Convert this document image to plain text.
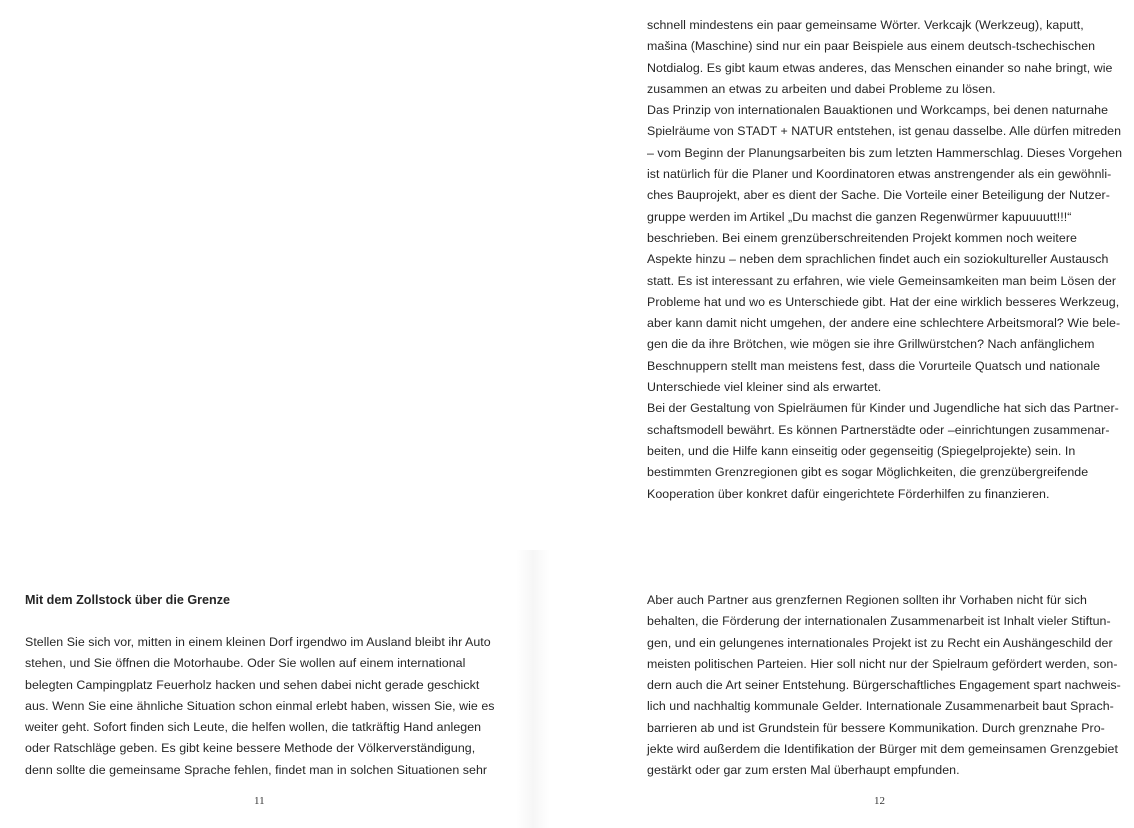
Mit dem Zollstock über die Grenze
Stellen Sie sich vor, mitten in einem kleinen Dorf irgendwo im Ausland bleibt ihr Auto
stehen, und Sie öffnen die Motorhaube. Oder Sie wollen auf einem international
belegten Campingplatz Feuerholz hacken und sehen dabei nicht gerade geschickt
aus. Wenn Sie eine ähnliche Situation schon einmal erlebt haben, wissen Sie, wie es
weiter geht. Sofort finden sich Leute, die helfen wollen, die tatkräftig Hand anlegen
oder Ratschläge geben. Es gibt keine bessere Methode der Völkerverständigung,
denn sollte die gemeinsame Sprache fehlen, findet man in solchen Situationen sehr
11
schnell mindestens ein paar gemeinsame Wörter. Verkcajk (Werkzeug), kaputt,
mašina (Maschine) sind nur ein paar Beispiele aus einem deutsch-tschechischen
Notdialog. Es gibt kaum etwas anderes, das Menschen einander so nahe bringt, wie
zusammen an etwas zu arbeiten und dabei Probleme zu lösen.
Das Prinzip von internationalen Bauaktionen und Workcamps, bei denen naturnahe
Spielräume von STADT + NATUR entstehen, ist genau dasselbe. Alle dürfen mitreden
– vom Beginn der Planungsarbeiten bis zum letzten Hammerschlag. Dieses Vorgehen
ist natürlich für die Planer und Koordinatoren etwas anstrengender als ein gewöhnli-
ches Bauprojekt, aber es dient der Sache. Die Vorteile einer Beteiligung der Nutzer-
gruppe werden im Artikel „Du machst die ganzen Regenwürmer kapuuuutt!!!“
beschrieben. Bei einem grenzüberschreitenden Projekt kommen noch weitere
Aspekte hinzu – neben dem sprachlichen findet auch ein soziokultureller Austausch
statt. Es ist interessant zu erfahren, wie viele Gemeinsamkeiten man beim Lösen der
Probleme hat und wo es Unterschiede gibt. Hat der eine wirklich besseres Werkzeug,
aber kann damit nicht umgehen, der andere eine schlechtere Arbeitsmoral? Wie bele-
gen die da ihre Brötchen, wie mögen sie ihre Grillwürstchen? Nach anfänglichem
Beschnuppern stellt man meistens fest, dass die Vorurteile Quatsch und nationale
Unterschiede viel kleiner sind als erwartet.
Bei der Gestaltung von Spielräumen für Kinder und Jugendliche hat sich das Partner-
schaftsmodell bewährt. Es können Partnerstädte oder –einrichtungen zusammenar-
beiten, und die Hilfe kann einseitig oder gegenseitig (Spiegelprojekte) sein. In
bestimmten Grenzregionen gibt es sogar Möglichkeiten, die grenzübergreifende
Kooperation über konkret dafür eingerichtete Förderhilfen zu finanzieren.
Aber auch Partner aus grenzfernen Regionen sollten ihr Vorhaben nicht für sich
behalten, die Förderung der internationalen Zusammenarbeit ist Inhalt vieler Stiftun-
gen, und ein gelungenes internationales Projekt ist zu Recht ein Aushängeschild der
meisten politischen Parteien. Hier soll nicht nur der Spielraum gefördert werden, son-
dern auch die Art seiner Entstehung. Bürgerschaftliches Engagement spart nachweis-
lich und nachhaltig kommunale Gelder. Internationale Zusammenarbeit baut Sprach-
barrieren ab und ist Grundstein für bessere Kommunikation. Durch grenznahe Pro-
jekte wird außerdem die Identifikation der Bürger mit dem gemeinsamen Grenzgebiet
gestärkt oder gar zum ersten Mal überhaupt empfunden.
12
